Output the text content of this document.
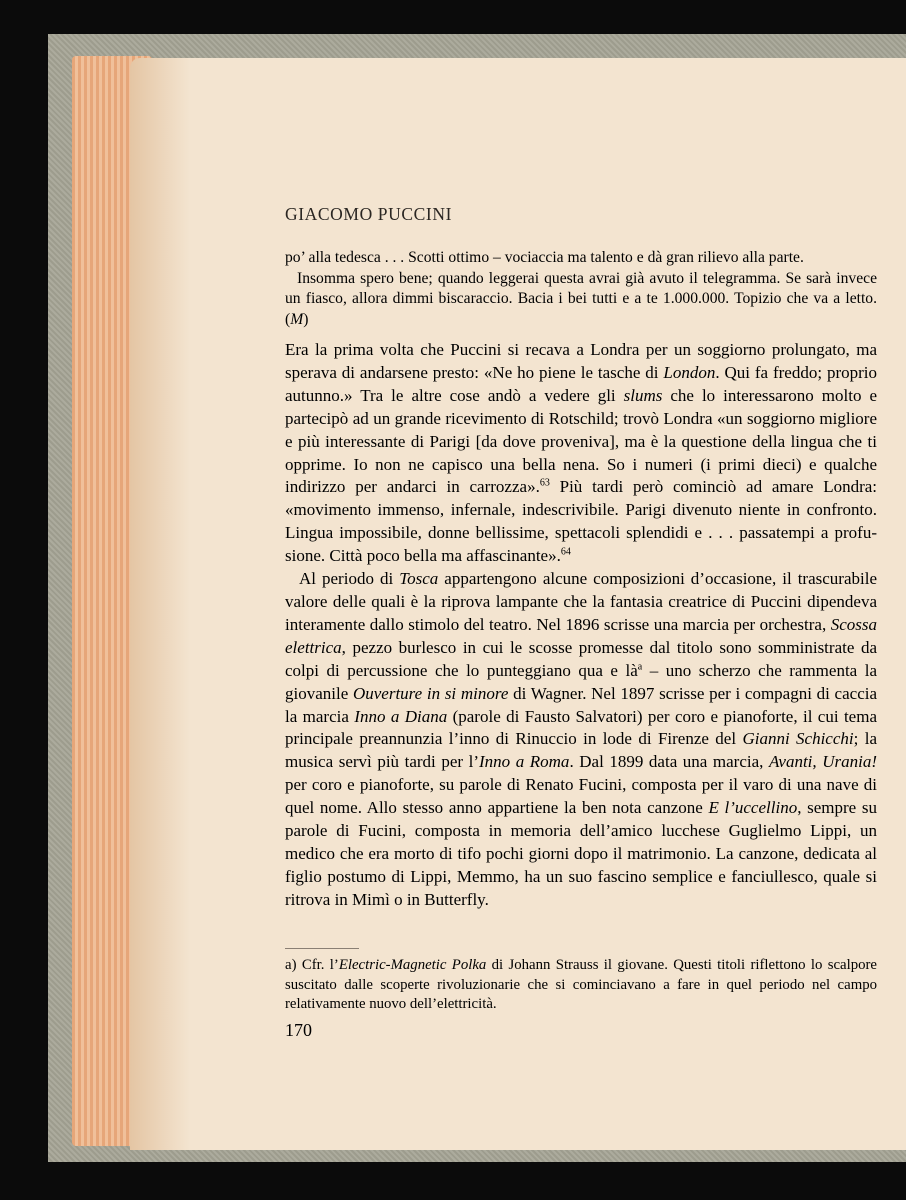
GIACOMO PUCCINI

po’ alla tedesca . . . Scotti ottimo – vociaccia ma talento e dà gran rilievo alla parte.

Insomma spero bene; quando leggerai questa avrai già avuto il telegramma. Se sarà invece un fiasco, allora dimmi biscaraccio. Bacia i bei tutti e a te 1.000.000. Topizio che va a letto. (M)

Era la prima volta che Puccini si recava a Londra per un soggiorno prolungato, ma sperava di andarsene presto: «Ne ho piene le tasche di London. Qui fa freddo; proprio autunno.» Tra le altre cose andò a vedere gli slums che lo interessarono molto e partecipò ad un grande ricevimento di Rotschild; trovò Londra «un soggiorno migliore e più interessante di Parigi [da dove proveniva], ma è la questione della lingua che ti opprime. Io non ne capisco una bella nena. So i numeri (i primi dieci) e qualche indirizzo per andarci in carrozza».$^{63}$ Più tardi però cominciò ad amare Londra: «movimento immenso, infernale, indescrivibile. Parigi divenuto niente in confronto. Lingua impossibile, donne bellissime, spettacoli splendidi e . . . passatempi a profusione. Città poco bella ma affascinante».$^{64}$

Al periodo di Tosca appartengono alcune composizioni d’occasione, il trascurabile valore delle quali è la riprova lampante che la fantasia creatrice di Puccini dipendeva interamente dallo stimolo del teatro. Nel 1896 scrisse una marcia per orchestra, Scossa elettrica, pezzo burlesco in cui le scosse promesse dal titolo sono somministrate da colpi di percussione che lo punteggiano qua e $là^a$ – uno scherzo che rammenta la giovanile Ouverture in si minore di Wagner. Nel 1897 scrisse per i compagni di caccia la marcia Inno a Diana (parole di Fausto Salvatori) per coro e pianoforte, il cui tema principale preannunzia l’inno di Rinuccio in lode di Firenze del Gianni Schicchi; la musica servì più tardi per l’Inno a Roma. Dal 1899 data una marcia, Avanti, Urania! per coro e pianoforte, su parole di Renato Fucini, composta per il varo di una nave di quel nome. Allo stesso anno appartiene la ben nota canzone E l’uccellino, sempre su parole di Fucini, composta in memoria dell’amico lucchese Guglielmo Lippi, un medico che era morto di tifo pochi giorni dopo il matrimonio. La canzone, dedicata al figlio postumo di Lippi, Memmo, ha un suo fascino semplice e fanciullesco, quale si ritrova in Mimì o in Butterfly.

a) Cfr. l’Electric-Magnetic Polka di Johann Strauss il giovane. Questi titoli riflettono lo scalpore suscitato dalle scoperte rivoluzionarie che si cominciavano a fare in quel periodo nel campo relativamente nuovo dell’elettricità.
170
